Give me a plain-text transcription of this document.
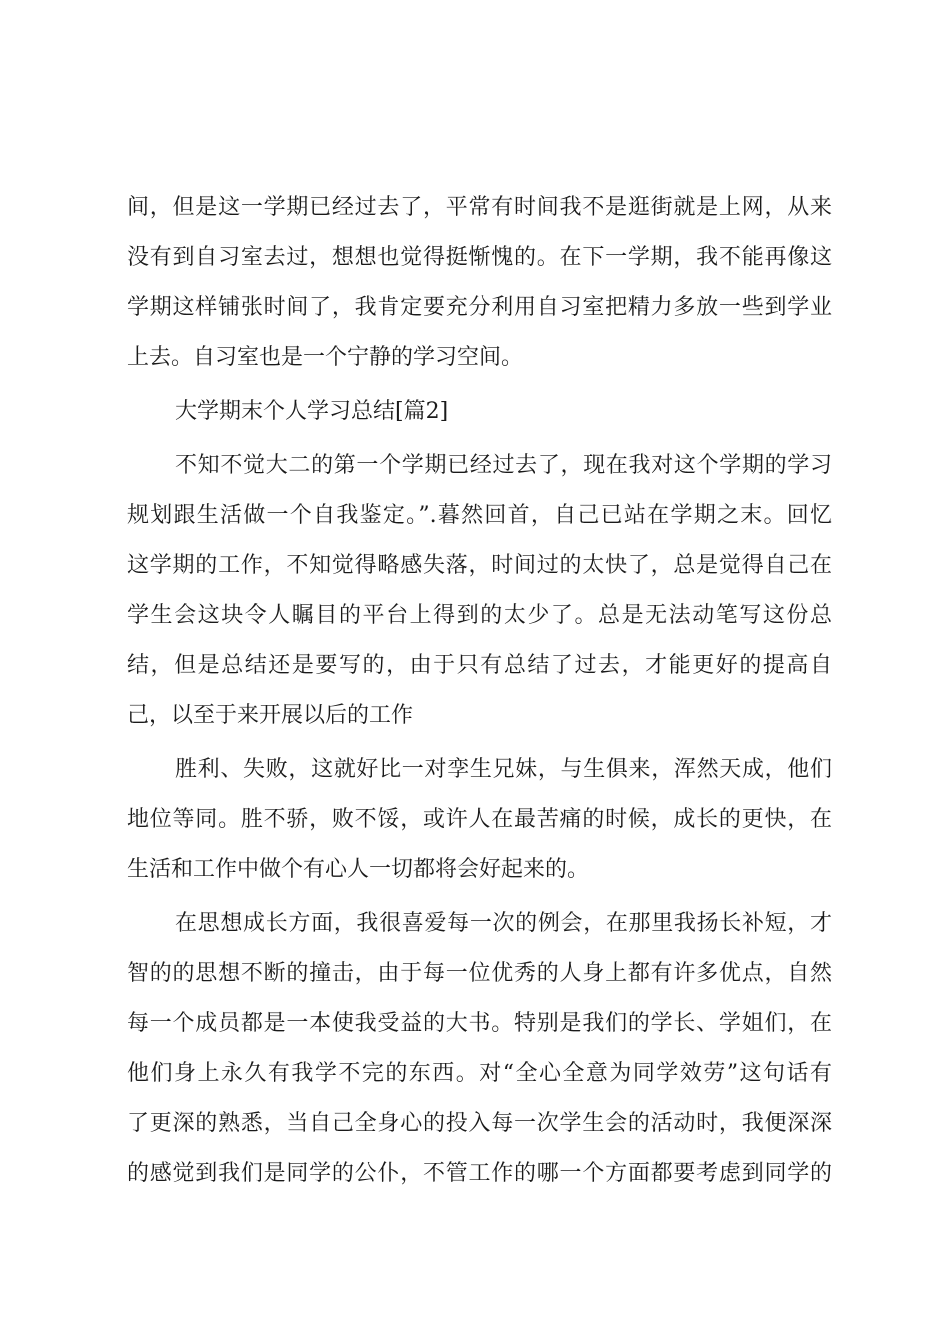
间，但是这一学期已经过去了，平常有时间我不是逛街就是上网，从来
没有到自习室去过，想想也觉得挺惭愧的。在下一学期，我不能再像这
学期这样铺张时间了，我肯定要充分利用自习室把精力多放一些到学业
上去。自习室也是一个宁静的学习空间。
大学期末个人学习总结[篇2]
不知不觉大二的第一个学期已经过去了，现在我对这个学期的学习
规划跟生活做一个自我鉴定。”.暮然回首，自己已站在学期之末。回忆
这学期的工作，不知觉得略感失落，时间过的太快了，总是觉得自己在
学生会这块令人瞩目的平台上得到的太少了。总是无法动笔写这份总
结，但是总结还是要写的，由于只有总结了过去，才能更好的提高自
己，以至于来开展以后的工作
胜利、失败，这就好比一对孪生兄妹，与生俱来，浑然天成，他们
地位等同。胜不骄，败不馁，或许人在最苦痛的时候，成长的更快，在
生活和工作中做个有心人一切都将会好起来的。
在思想成长方面，我很喜爱每一次的例会，在那里我扬长补短，才
智的的思想不断的撞击，由于每一位优秀的人身上都有许多优点，自然
每一个成员都是一本使我受益的大书。特别是我们的学长、学姐们，在
他们身上永久有我学不完的东西。对“全心全意为同学效劳”这句话有
了更深的熟悉，当自己全身心的投入每一次学生会的活动时，我便深深
的感觉到我们是同学的公仆，不管工作的哪一个方面都要考虑到同学的
